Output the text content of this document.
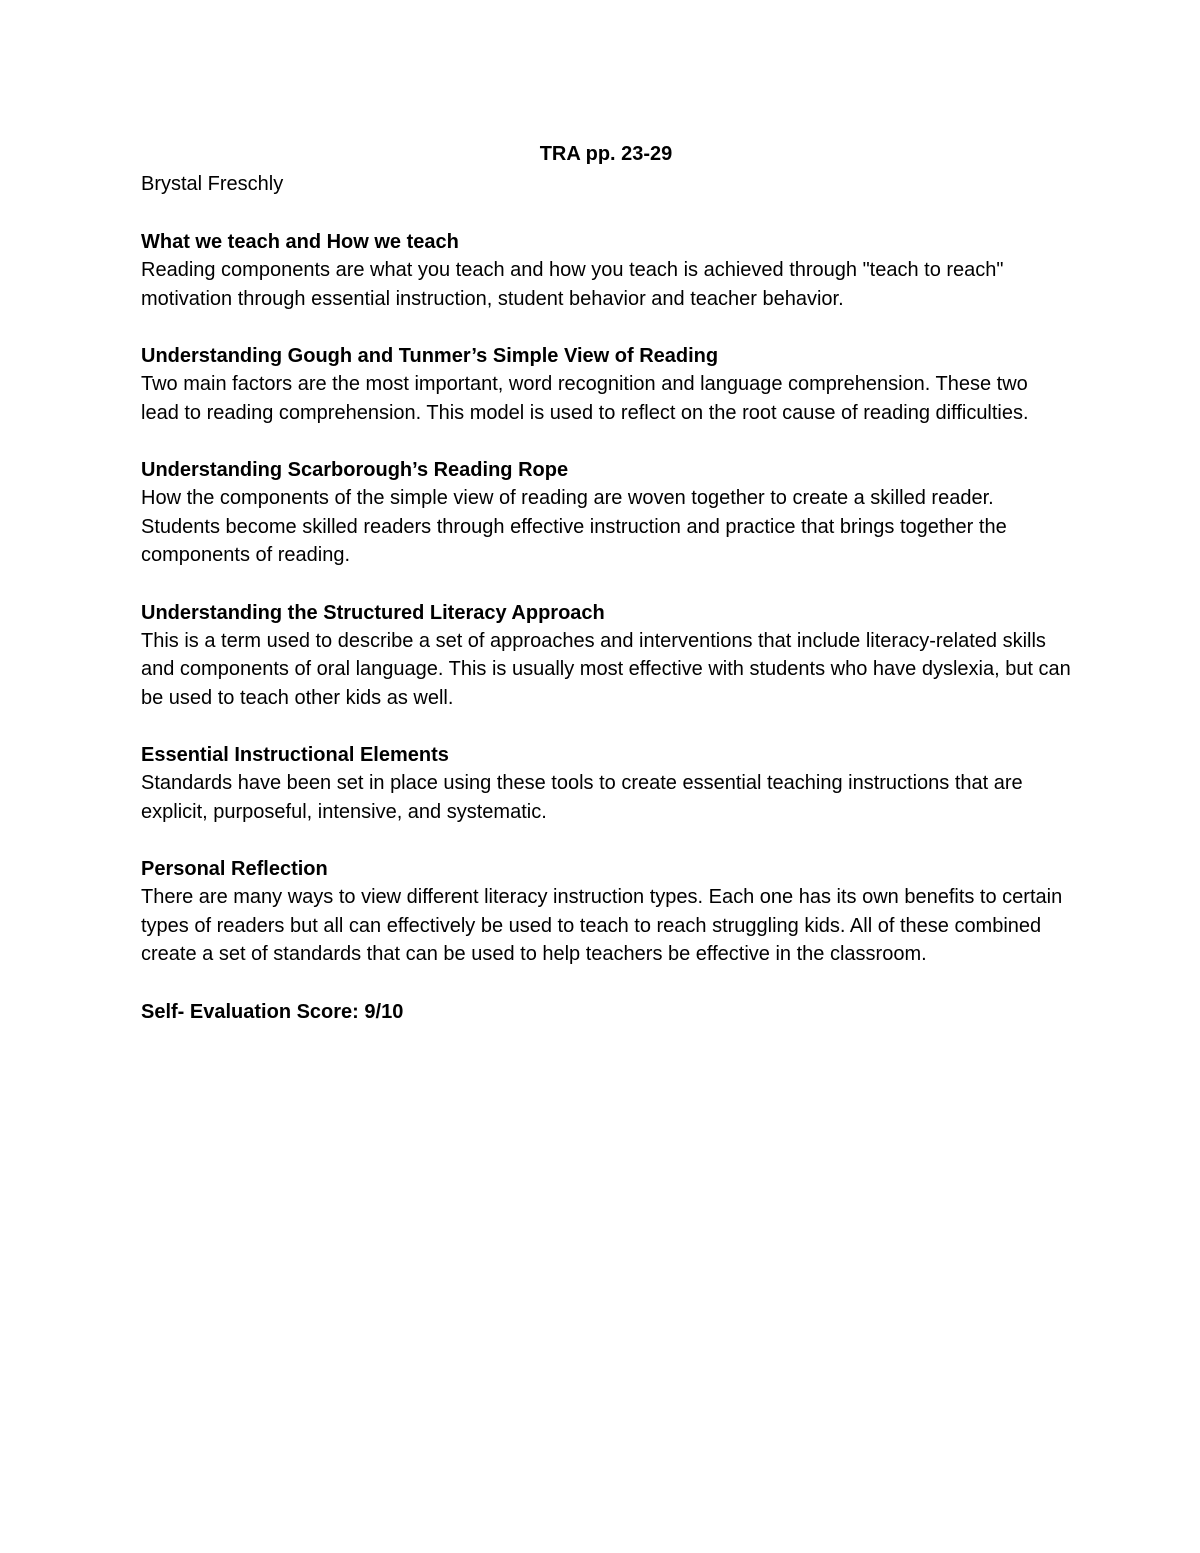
TRA pp. 23-29
Brystal Freschly
What we teach and How we teach
Reading components are what you teach and how you teach is achieved through "teach to reach" motivation through essential instruction, student behavior and teacher behavior.
Understanding Gough and Tunmer’s Simple View of Reading
Two main factors are the most important, word recognition and language comprehension. These two lead to reading comprehension. This model is used to reflect on the root cause of reading difficulties.
Understanding Scarborough’s Reading Rope
How the components of the simple view of reading are woven together to create a skilled reader. Students become skilled readers through effective instruction and practice that brings together the components of reading.
Understanding the Structured Literacy Approach
This is a term used to describe a set of approaches and interventions that include literacy-related skills and components of oral language. This is usually most effective with students who have dyslexia, but can be used to teach other kids as well.
Essential Instructional Elements
Standards have been set in place using these tools to create essential teaching instructions that are explicit, purposeful, intensive, and systematic.
Personal Reflection
There are many ways to view different literacy instruction types. Each one has its own benefits to certain types of readers but all can effectively be used to teach to reach struggling kids. All of these combined create a set of standards that can be used to help teachers be effective in the classroom.
Self- Evaluation Score: 9/10
